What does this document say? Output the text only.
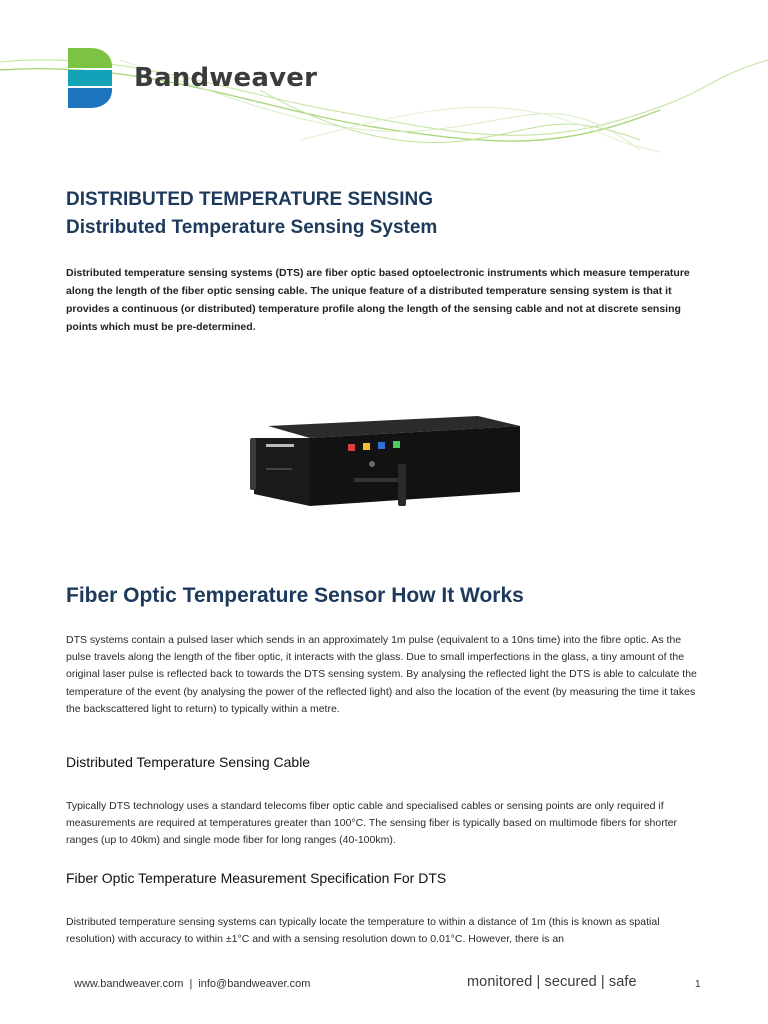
Bandweaver
DISTRIBUTED TEMPERATURE SENSING
Distributed Temperature Sensing System

Distributed temperature sensing systems (DTS) are fiber optic based optoelectronic instruments which measure temperature along the length of the fiber optic sensing cable. The unique feature of a distributed temperature sensing system is that it provides a continuous (or distributed) temperature profile along the length of the sensing cable and not at discrete sensing points which must be pre-determined.

Fiber Optic Temperature Sensor How It Works

DTS systems contain a pulsed laser which sends in an approximately 1m pulse (equivalent to a 10ns time) into the fibre optic. As the pulse travels along the length of the fiber optic, it interacts with the glass. Due to small imperfections in the glass, a tiny amount of the original laser pulse is reflected back to towards the DTS sensing system. By analysing the reflected light the DTS is able to calculate the temperature of the event (by analysing the power of the reflected light) and also the location of the event (by measuring the time it takes the backscattered light to return) to typically within a metre.

Distributed Temperature Sensing Cable

Typically DTS technology uses a standard telecoms fiber optic cable and specialised cables or sensing points are only required if measurements are required at temperatures greater than 100°C. The sensing fiber is typically based on multimode fibers for shorter ranges (up to 40km) and single mode fiber for long ranges (40-100km).

Fiber Optic Temperature Measurement Specification For DTS

Distributed temperature sensing systems can typically locate the temperature to within a distance of 1m (this is known as spatial resolution) with accuracy to within ±1°C and with a sensing resolution down to 0.01°C. However, there is an

www.bandweaver.com | info@bandweaver.com	monitored | secured | safe	1
